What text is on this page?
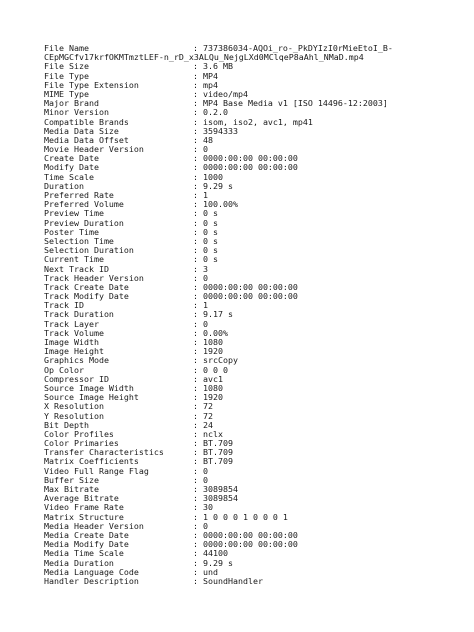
File Name	: 737386034-AQOi_ro-_PkDYIzI0rMieEtoI_B-
CEpMGCfv17krfOKMTmztLEF-n_rD_x3ALQu_NejgLXd0MClqeP8aAhl_NMaD.mp4
File Size	: 3.6 MB
File Type	: MP4
File Type Extension	: mp4
MIME Type	: video/mp4
Major Brand	: MP4 Base Media v1 [ISO 14496-12:2003]
Minor Version	: 0.2.0
Compatible Brands	: isom, iso2, avc1, mp41
Media Data Size	: 3594333
Media Data Offset	: 48
Movie Header Version	: 0
Create Date	: 0000:00:00 00:00:00
Modify Date	: 0000:00:00 00:00:00
Time Scale	: 1000
Duration	: 9.29 s
Preferred Rate	: 1
Preferred Volume	: 100.00%
Preview Time	: 0 s
Preview Duration	: 0 s
Poster Time	: 0 s
Selection Time	: 0 s
Selection Duration	: 0 s
Current Time	: 0 s
Next Track ID	: 3
Track Header Version	: 0
Track Create Date	: 0000:00:00 00:00:00
Track Modify Date	: 0000:00:00 00:00:00
Track ID	: 1
Track Duration	: 9.17 s
Track Layer	: 0
Track Volume	: 0.00%
Image Width	: 1080
Image Height	: 1920
Graphics Mode	: srcCopy
Op Color	: 0 0 0
Compressor ID	: avc1
Source Image Width	: 1080
Source Image Height	: 1920
X Resolution	: 72
Y Resolution	: 72
Bit Depth	: 24
Color Profiles	: nclx
Color Primaries	: BT.709
Transfer Characteristics	: BT.709
Matrix Coefficients	: BT.709
Video Full Range Flag	: 0
Buffer Size	: 0
Max Bitrate	: 3089854
Average Bitrate	: 3089854
Video Frame Rate	: 30
Matrix Structure	: 1 0 0 0 1 0 0 0 1
Media Header Version	: 0
Media Create Date	: 0000:00:00 00:00:00
Media Modify Date	: 0000:00:00 00:00:00
Media Time Scale	: 44100
Media Duration	: 9.29 s
Media Language Code	: und
Handler Description	: SoundHandler
